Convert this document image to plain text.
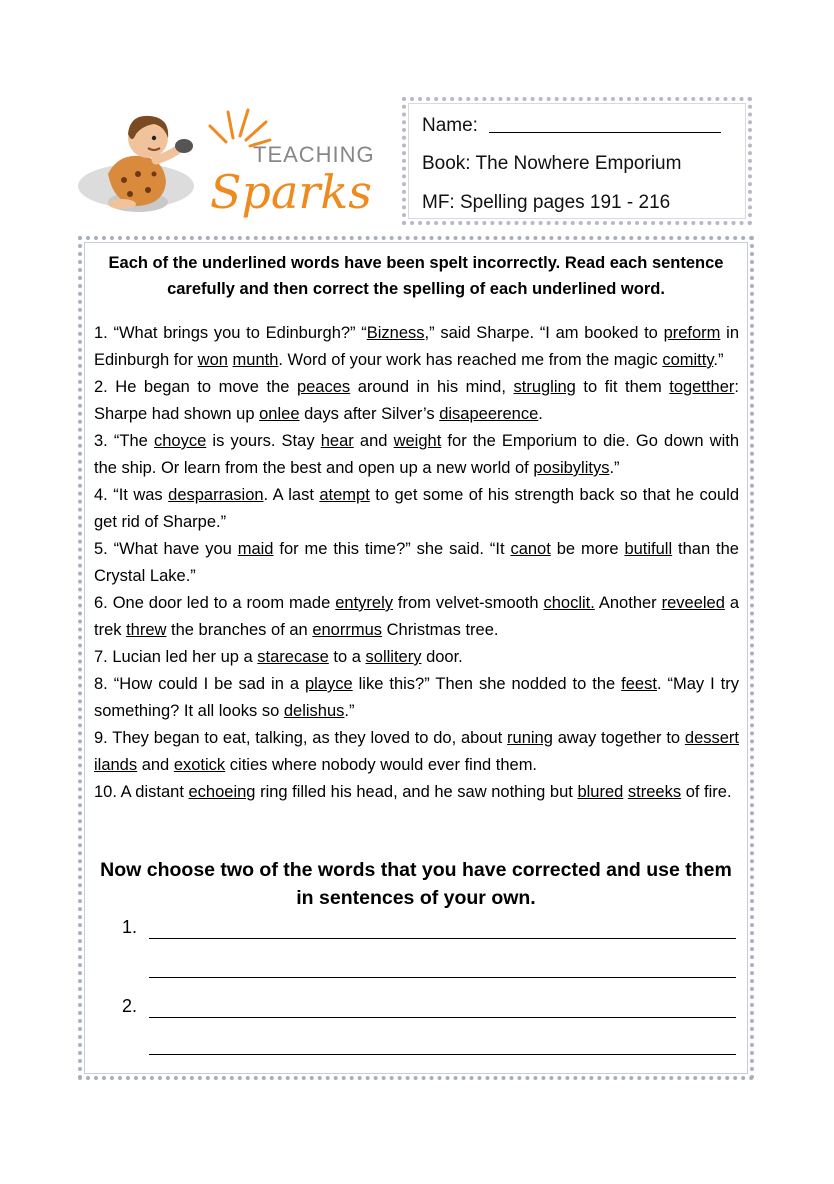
TEACHING
Sparks
Name:
Book: The Nowhere Emporium
MF: Spelling pages 191 - 216
Each of the underlined words have been spelt incorrectly. Read each sentence carefully and then correct the spelling of each underlined word.

1. “What brings you to Edinburgh?” “Bizness,” said Sharpe. “I am booked to preform in Edinburgh for won munth. Word of your work has reached me from the magic comitty.”

2. He began to move the peaces around in his mind, strugling to fit them togetther: Sharpe had shown up onlee days after Silver’s disapeerence.

3. “The choyce is yours. Stay hear and weight for the Emporium to die. Go down with the ship. Or learn from the best and open up a new world of posibylitys.”

4. “It was desparrasion. A last atempt to get some of his strength back so that he could get rid of Sharpe.”

5. “What have you maid for me this time?” she said. “It canot be more butifull than the Crystal Lake.”

6. One door led to a room made entyrely from velvet-smooth choclit. Another reveeled a trek threw the branches of an enorrmus Christmas tree.

7. Lucian led her up a starecase to a sollitery door.

8. “How could I be sad in a playce like this?” Then she nodded to the feest. “May I try something? It all looks so delishus.”

9. They began to eat, talking, as they loved to do, about runing away together to dessert ilands and exotick cities where nobody would ever find them.

10. A distant echoeing ring filled his head, and he saw nothing but blured streeks of fire.

Now choose two of the words that you have corrected and use them in sentences of your own.
1.
2.
